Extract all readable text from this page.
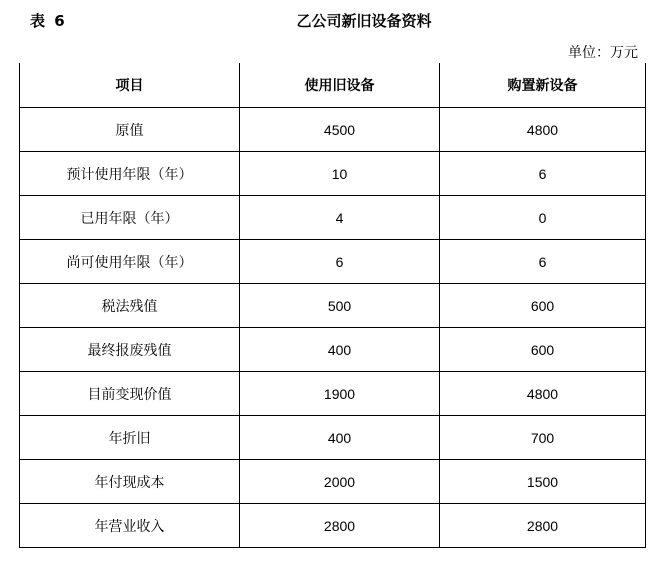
表 6	乙公司新旧设备资料
单位：万元
项目	使用旧设备	购置新设备
原值	4500	4800
预计使用年限（年）	10	6
已用年限（年）	4	0
尚可使用年限（年）	6	6
税法残值	500	600
最终报废残值	400	600
目前变现价值	1900	4800
年折旧	400	700
年付现成本	2000	1500
年营业收入	2800	2800
